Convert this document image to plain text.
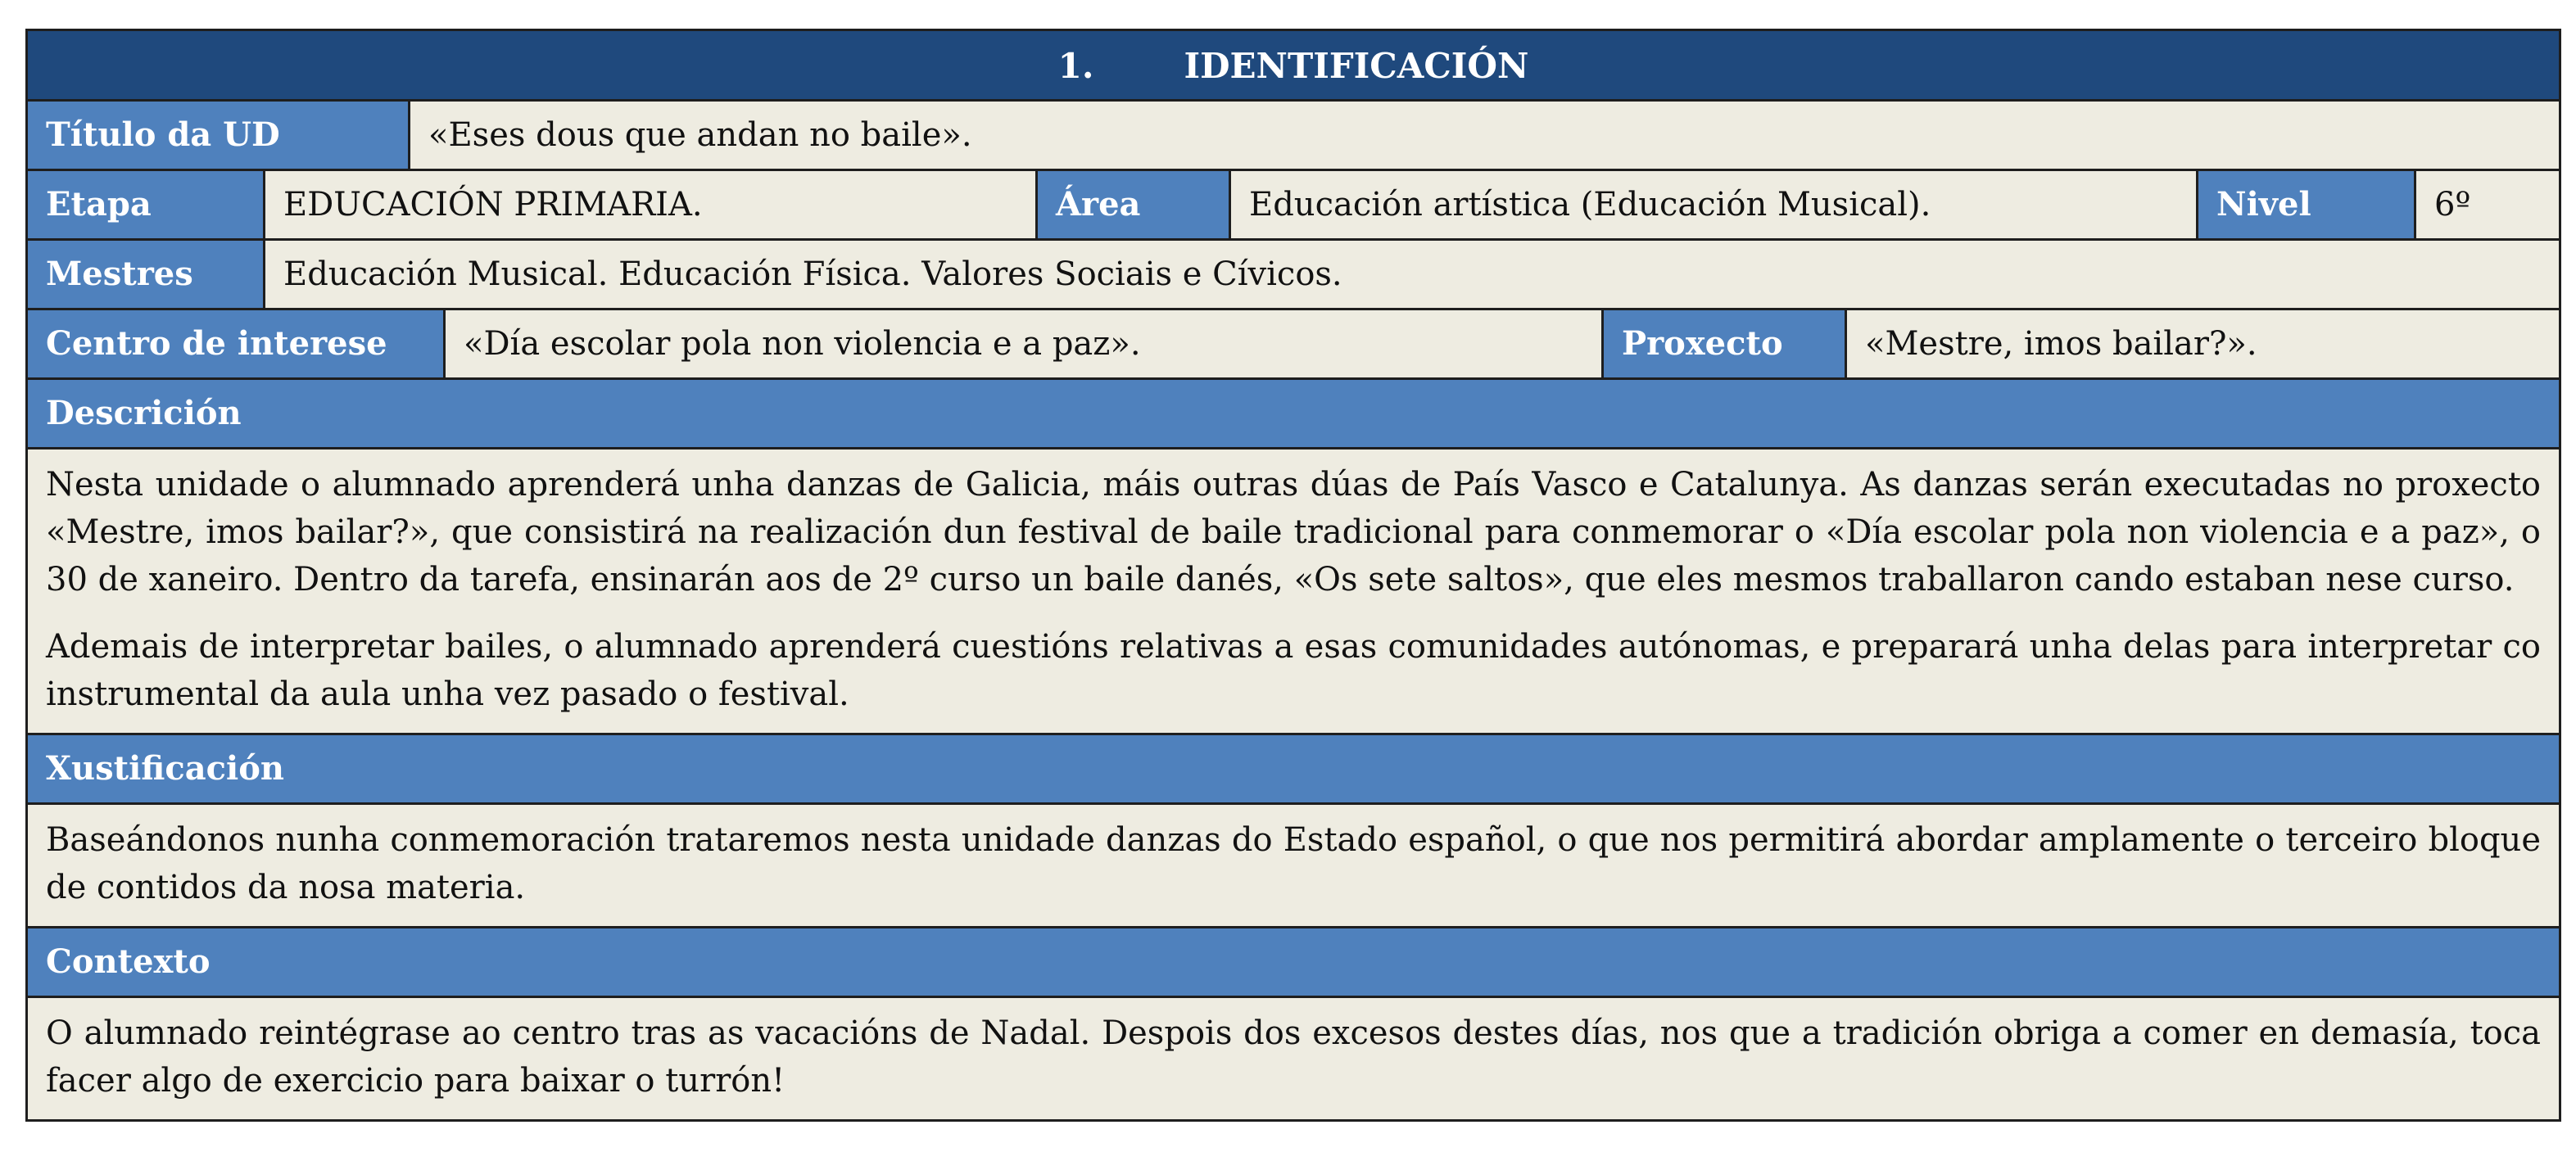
1.	IDENTIFICACIÓN
Título da UD	«Eses dous que andan no baile».
Etapa	EDUCACIÓN PRIMARIA.	Área	Educación artística (Educación Musical).	Nivel	6º
Mestres	Educación Musical. Educación Física. Valores Sociais e Cívicos.
Centro de interese	«Día escolar pola non violencia e a paz».	Proxecto	«Mestre, imos bailar?».
Descrición

Nesta unidade o alumnado aprenderá unha danzas de Galicia, máis outras dúas de País Vasco e Catalunya. As danzas serán executadas no proxecto «Mestre, imos bailar?», que consistirá na realización dun festival de baile tradicional para conmemorar o «Día escolar pola non violencia e a paz», o 30 de xaneiro. Dentro da tarefa, ensinarán aos de 2º curso un baile danés, «Os sete saltos», que eles mesmos traballaron cando estaban nese curso.

Ademais de interpretar bailes, o alumnado aprenderá cuestións relativas a esas comunidades autónomas, e preparará unha delas para interpretar co instrumental da aula unha vez pasado o festival.

Xustificación

Baseándonos nunha conmemoración trataremos nesta unidade danzas do Estado español, o que nos permitirá abordar amplamente o terceiro bloque de contidos da nosa materia.

Contexto

O alumnado reintégrase ao centro tras as vacacións de Nadal. Despois dos excesos destes días, nos que a tradición obriga a comer en demasía, toca facer algo de exercicio para baixar o turrón!
